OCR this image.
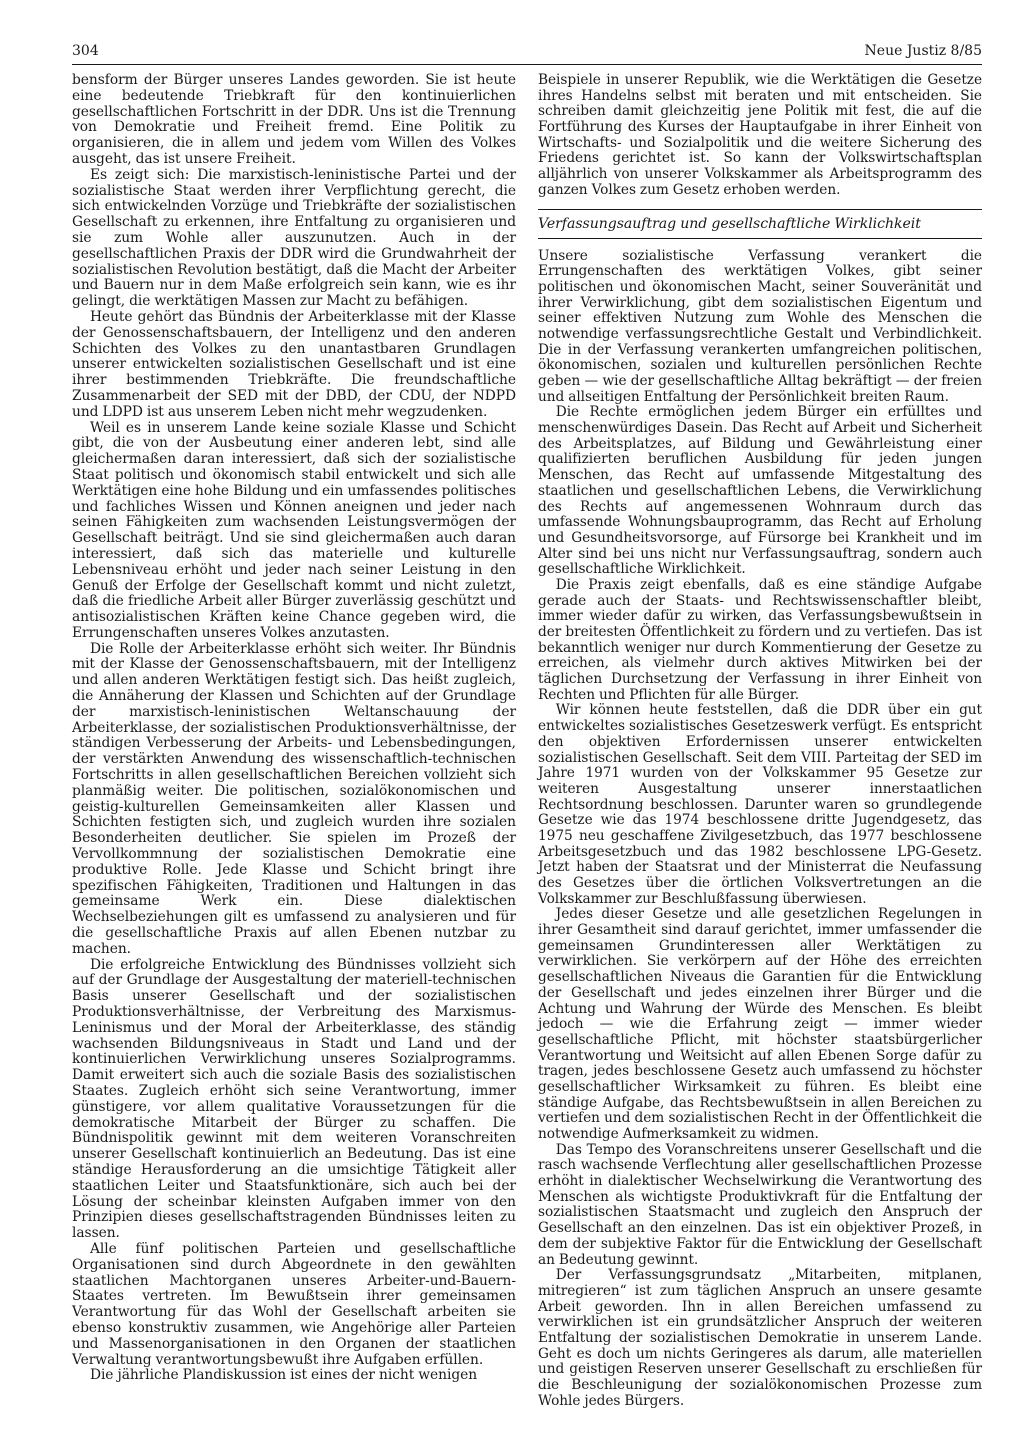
304	Neue Justiz 8/85

bensform der Bürger unseres Landes geworden. Sie ist heute eine bedeutende Triebkraft für den kontinuierlichen gesellschaftlichen Fortschritt in der DDR. Uns ist die Trennung von Demokratie und Freiheit fremd. Eine Politik zu organisieren, die in allem und jedem vom Willen des Volkes ausgeht, das ist unsere Freiheit.

Es zeigt sich: Die marxistisch-leninistische Partei und der sozialistische Staat werden ihrer Verpflichtung gerecht, die sich entwickelnden Vorzüge und Triebkräfte der sozialistischen Gesellschaft zu erkennen, ihre Entfaltung zu organisieren und sie zum Wohle aller auszunutzen. Auch in der gesellschaftlichen Praxis der DDR wird die Grundwahrheit der sozialistischen Revolution bestätigt, daß die Macht der Arbeiter und Bauern nur in dem Maße erfolgreich sein kann, wie es ihr gelingt, die werktätigen Massen zur Macht zu befähigen.

Heute gehört das Bündnis der Arbeiterklasse mit der Klasse der Genossenschaftsbauern, der Intelligenz und den anderen Schichten des Volkes zu den unantastbaren Grundlagen unserer entwickelten sozialistischen Gesellschaft und ist eine ihrer bestimmenden Triebkräfte. Die freundschaftliche Zusammenarbeit der SED mit der DBD, der CDU, der NDPD und LDPD ist aus unserem Leben nicht mehr wegzudenken.

Weil es in unserem Lande keine soziale Klasse und Schicht gibt, die von der Ausbeutung einer anderen lebt, sind alle gleichermaßen daran interessiert, daß sich der sozialistische Staat politisch und ökonomisch stabil entwickelt und sich alle Werktätigen eine hohe Bildung und ein umfassendes politisches und fachliches Wissen und Können aneignen und jeder nach seinen Fähigkeiten zum wachsenden Leistungsvermögen der Gesellschaft beiträgt. Und sie sind gleichermaßen auch daran interessiert, daß sich das materielle und kulturelle Lebensniveau erhöht und jeder nach seiner Leistung in den Genuß der Erfolge der Gesellschaft kommt und nicht zuletzt, daß die friedliche Arbeit aller Bürger zuverlässig geschützt und antisozialistischen Kräften keine Chance gegeben wird, die Errungenschaften unseres Volkes anzutasten.

Die Rolle der Arbeiterklasse erhöht sich weiter. Ihr Bündnis mit der Klasse der Genossenschaftsbauern, mit der Intelligenz und allen anderen Werktätigen festigt sich. Das heißt zugleich, die Annäherung der Klassen und Schichten auf der Grundlage der marxistisch-leninistischen Weltanschauung der Arbeiterklasse, der sozialistischen Produktionsverhältnisse, der ständigen Verbesserung der Arbeits- und Lebensbedingungen, der verstärkten Anwendung des wissenschaftlich-technischen Fortschritts in allen gesellschaftlichen Bereichen vollzieht sich planmäßig weiter. Die politischen, sozialökonomischen und geistig-kulturellen Gemeinsamkeiten aller Klassen und Schichten festigten sich, und zugleich wurden ihre sozialen Besonderheiten deutlicher. Sie spielen im Prozeß der Vervollkommnung der sozialistischen Demokratie eine produktive Rolle. Jede Klasse und Schicht bringt ihre spezifischen Fähigkeiten, Traditionen und Haltungen in das gemeinsame Werk ein. Diese dialektischen Wechselbeziehungen gilt es umfassend zu analysieren und für die gesellschaftliche Praxis auf allen Ebenen nutzbar zu machen.

Die erfolgreiche Entwicklung des Bündnisses vollzieht sich auf der Grundlage der Ausgestaltung der materiell-technischen Basis unserer Gesellschaft und der sozialistischen Produktionsverhältnisse, der Verbreitung des Marxismus-Leninismus und der Moral der Arbeiterklasse, des ständig wachsenden Bildungsniveaus in Stadt und Land und der kontinuierlichen Verwirklichung unseres Sozialprogramms. Damit erweitert sich auch die soziale Basis des sozialistischen Staates. Zugleich erhöht sich seine Verantwortung, immer günstigere, vor allem qualitative Voraussetzungen für die demokratische Mitarbeit der Bürger zu schaffen. Die Bündnispolitik gewinnt mit dem weiteren Voranschreiten unserer Gesellschaft kontinuierlich an Bedeutung. Das ist eine ständige Herausforderung an die umsichtige Tätigkeit aller staatlichen Leiter und Staatsfunktionäre, sich auch bei der Lösung der scheinbar kleinsten Aufgaben immer von den Prinzipien dieses gesellschaftstragenden Bündnisses leiten zu lassen.

Alle fünf politischen Parteien und gesellschaftliche Organisationen sind durch Abgeordnete in den gewählten staatlichen Machtorganen unseres Arbeiter-und-Bauern-Staates vertreten. Im Bewußtsein ihrer gemeinsamen Verantwortung für das Wohl der Gesellschaft arbeiten sie ebenso konstruktiv zusammen, wie Angehörige aller Parteien und Massenorganisationen in den Organen der staatlichen Verwaltung verantwortungsbewußt ihre Aufgaben erfüllen.

Die jährliche Plandiskussion ist eines der nicht wenigen

Beispiele in unserer Republik, wie die Werktätigen die Gesetze ihres Handelns selbst mit beraten und mit entscheiden. Sie schreiben damit gleichzeitig jene Politik mit fest, die auf die Fortführung des Kurses der Hauptaufgabe in ihrer Einheit von Wirtschafts- und Sozialpolitik und die weitere Sicherung des Friedens gerichtet ist. So kann der Volkswirtschaftsplan alljährlich von unserer Volkskammer als Arbeitsprogramm des ganzen Volkes zum Gesetz erhoben werden.

Verfassungsauftrag und gesellschaftliche Wirklichkeit

Unsere sozialistische Verfassung verankert die Errungenschaften des werktätigen Volkes, gibt seiner politischen und ökonomischen Macht, seiner Souveränität und ihrer Verwirklichung, gibt dem sozialistischen Eigentum und seiner effektiven Nutzung zum Wohle des Menschen die notwendige verfassungsrechtliche Gestalt und Verbindlichkeit. Die in der Verfassung verankerten umfangreichen politischen, ökonomischen, sozialen und kulturellen persönlichen Rechte geben — wie der gesellschaftliche Alltag bekräftigt — der freien und allseitigen Entfaltung der Persönlichkeit breiten Raum.

Die Rechte ermöglichen jedem Bürger ein erfülltes und menschenwürdiges Dasein. Das Recht auf Arbeit und Sicherheit des Arbeitsplatzes, auf Bildung und Gewährleistung einer qualifizierten beruflichen Ausbildung für jeden jungen Menschen, das Recht auf umfassende Mitgestaltung des staatlichen und gesellschaftlichen Lebens, die Verwirklichung des Rechts auf angemessenen Wohnraum durch das umfassende Wohnungsbauprogramm, das Recht auf Erholung und Gesundheitsvorsorge, auf Fürsorge bei Krankheit und im Alter sind bei uns nicht nur Verfassungsauftrag, sondern auch gesellschaftliche Wirklichkeit.

Die Praxis zeigt ebenfalls, daß es eine ständige Aufgabe gerade auch der Staats- und Rechtswissenschaftler bleibt, immer wieder dafür zu wirken, das Verfassungsbewußtsein in der breitesten Öffentlichkeit zu fördern und zu vertiefen. Das ist bekanntlich weniger nur durch Kommentierung der Gesetze zu erreichen, als vielmehr durch aktives Mitwirken bei der täglichen Durchsetzung der Verfassung in ihrer Einheit von Rechten und Pflichten für alle Bürger.

Wir können heute feststellen, daß die DDR über ein gut entwickeltes sozialistisches Gesetzeswerk verfügt. Es entspricht den objektiven Erfordernissen unserer entwickelten sozialistischen Gesellschaft. Seit dem VIII. Parteitag der SED im Jahre 1971 wurden von der Volkskammer 95 Gesetze zur weiteren Ausgestaltung unserer innerstaatlichen Rechtsordnung beschlossen. Darunter waren so grundlegende Gesetze wie das 1974 beschlossene dritte Jugendgesetz, das 1975 neu geschaffene Zivilgesetzbuch, das 1977 beschlossene Arbeitsgesetzbuch und das 1982 beschlossene LPG-Gesetz. Jetzt haben der Staatsrat und der Ministerrat die Neufassung des Gesetzes über die örtlichen Volksvertretungen an die Volkskammer zur Beschlußfassung überwiesen.

Jedes dieser Gesetze und alle gesetzlichen Regelungen in ihrer Gesamtheit sind darauf gerichtet, immer umfassender die gemeinsamen Grundinteressen aller Werktätigen zu verwirklichen. Sie verkörpern auf der Höhe des erreichten gesellschaftlichen Niveaus die Garantien für die Entwicklung der Gesellschaft und jedes einzelnen ihrer Bürger und die Achtung und Wahrung der Würde des Menschen. Es bleibt jedoch — wie die Erfahrung zeigt — immer wieder gesellschaftliche Pflicht, mit höchster staatsbürgerlicher Verantwortung und Weitsicht auf allen Ebenen Sorge dafür zu tragen, jedes beschlossene Gesetz auch umfassend zu höchster gesellschaftlicher Wirksamkeit zu führen. Es bleibt eine ständige Aufgabe, das Rechtsbewußtsein in allen Bereichen zu vertiefen und dem sozialistischen Recht in der Öffentlichkeit die notwendige Aufmerksamkeit zu widmen.

Das Tempo des Voranschreitens unserer Gesellschaft und die rasch wachsende Verflechtung aller gesellschaftlichen Prozesse erhöht in dialektischer Wechselwirkung die Verantwortung des Menschen als wichtigste Produktivkraft für die Entfaltung der sozialistischen Staatsmacht und zugleich den Anspruch der Gesellschaft an den einzelnen. Das ist ein objektiver Prozeß, in dem der subjektive Faktor für die Entwicklung der Gesellschaft an Bedeutung gewinnt.

Der Verfassungsgrundsatz „Mitarbeiten, mitplanen, mitregieren“ ist zum täglichen Anspruch an unsere gesamte Arbeit geworden. Ihn in allen Bereichen umfassend zu verwirklichen ist ein grundsätzlicher Anspruch der weiteren Entfaltung der sozialistischen Demokratie in unserem Lande. Geht es doch um nichts Geringeres als darum, alle materiellen und geistigen Reserven unserer Gesellschaft zu erschließen für die Beschleunigung der sozialökonomischen Prozesse zum Wohle jedes Bürgers.
